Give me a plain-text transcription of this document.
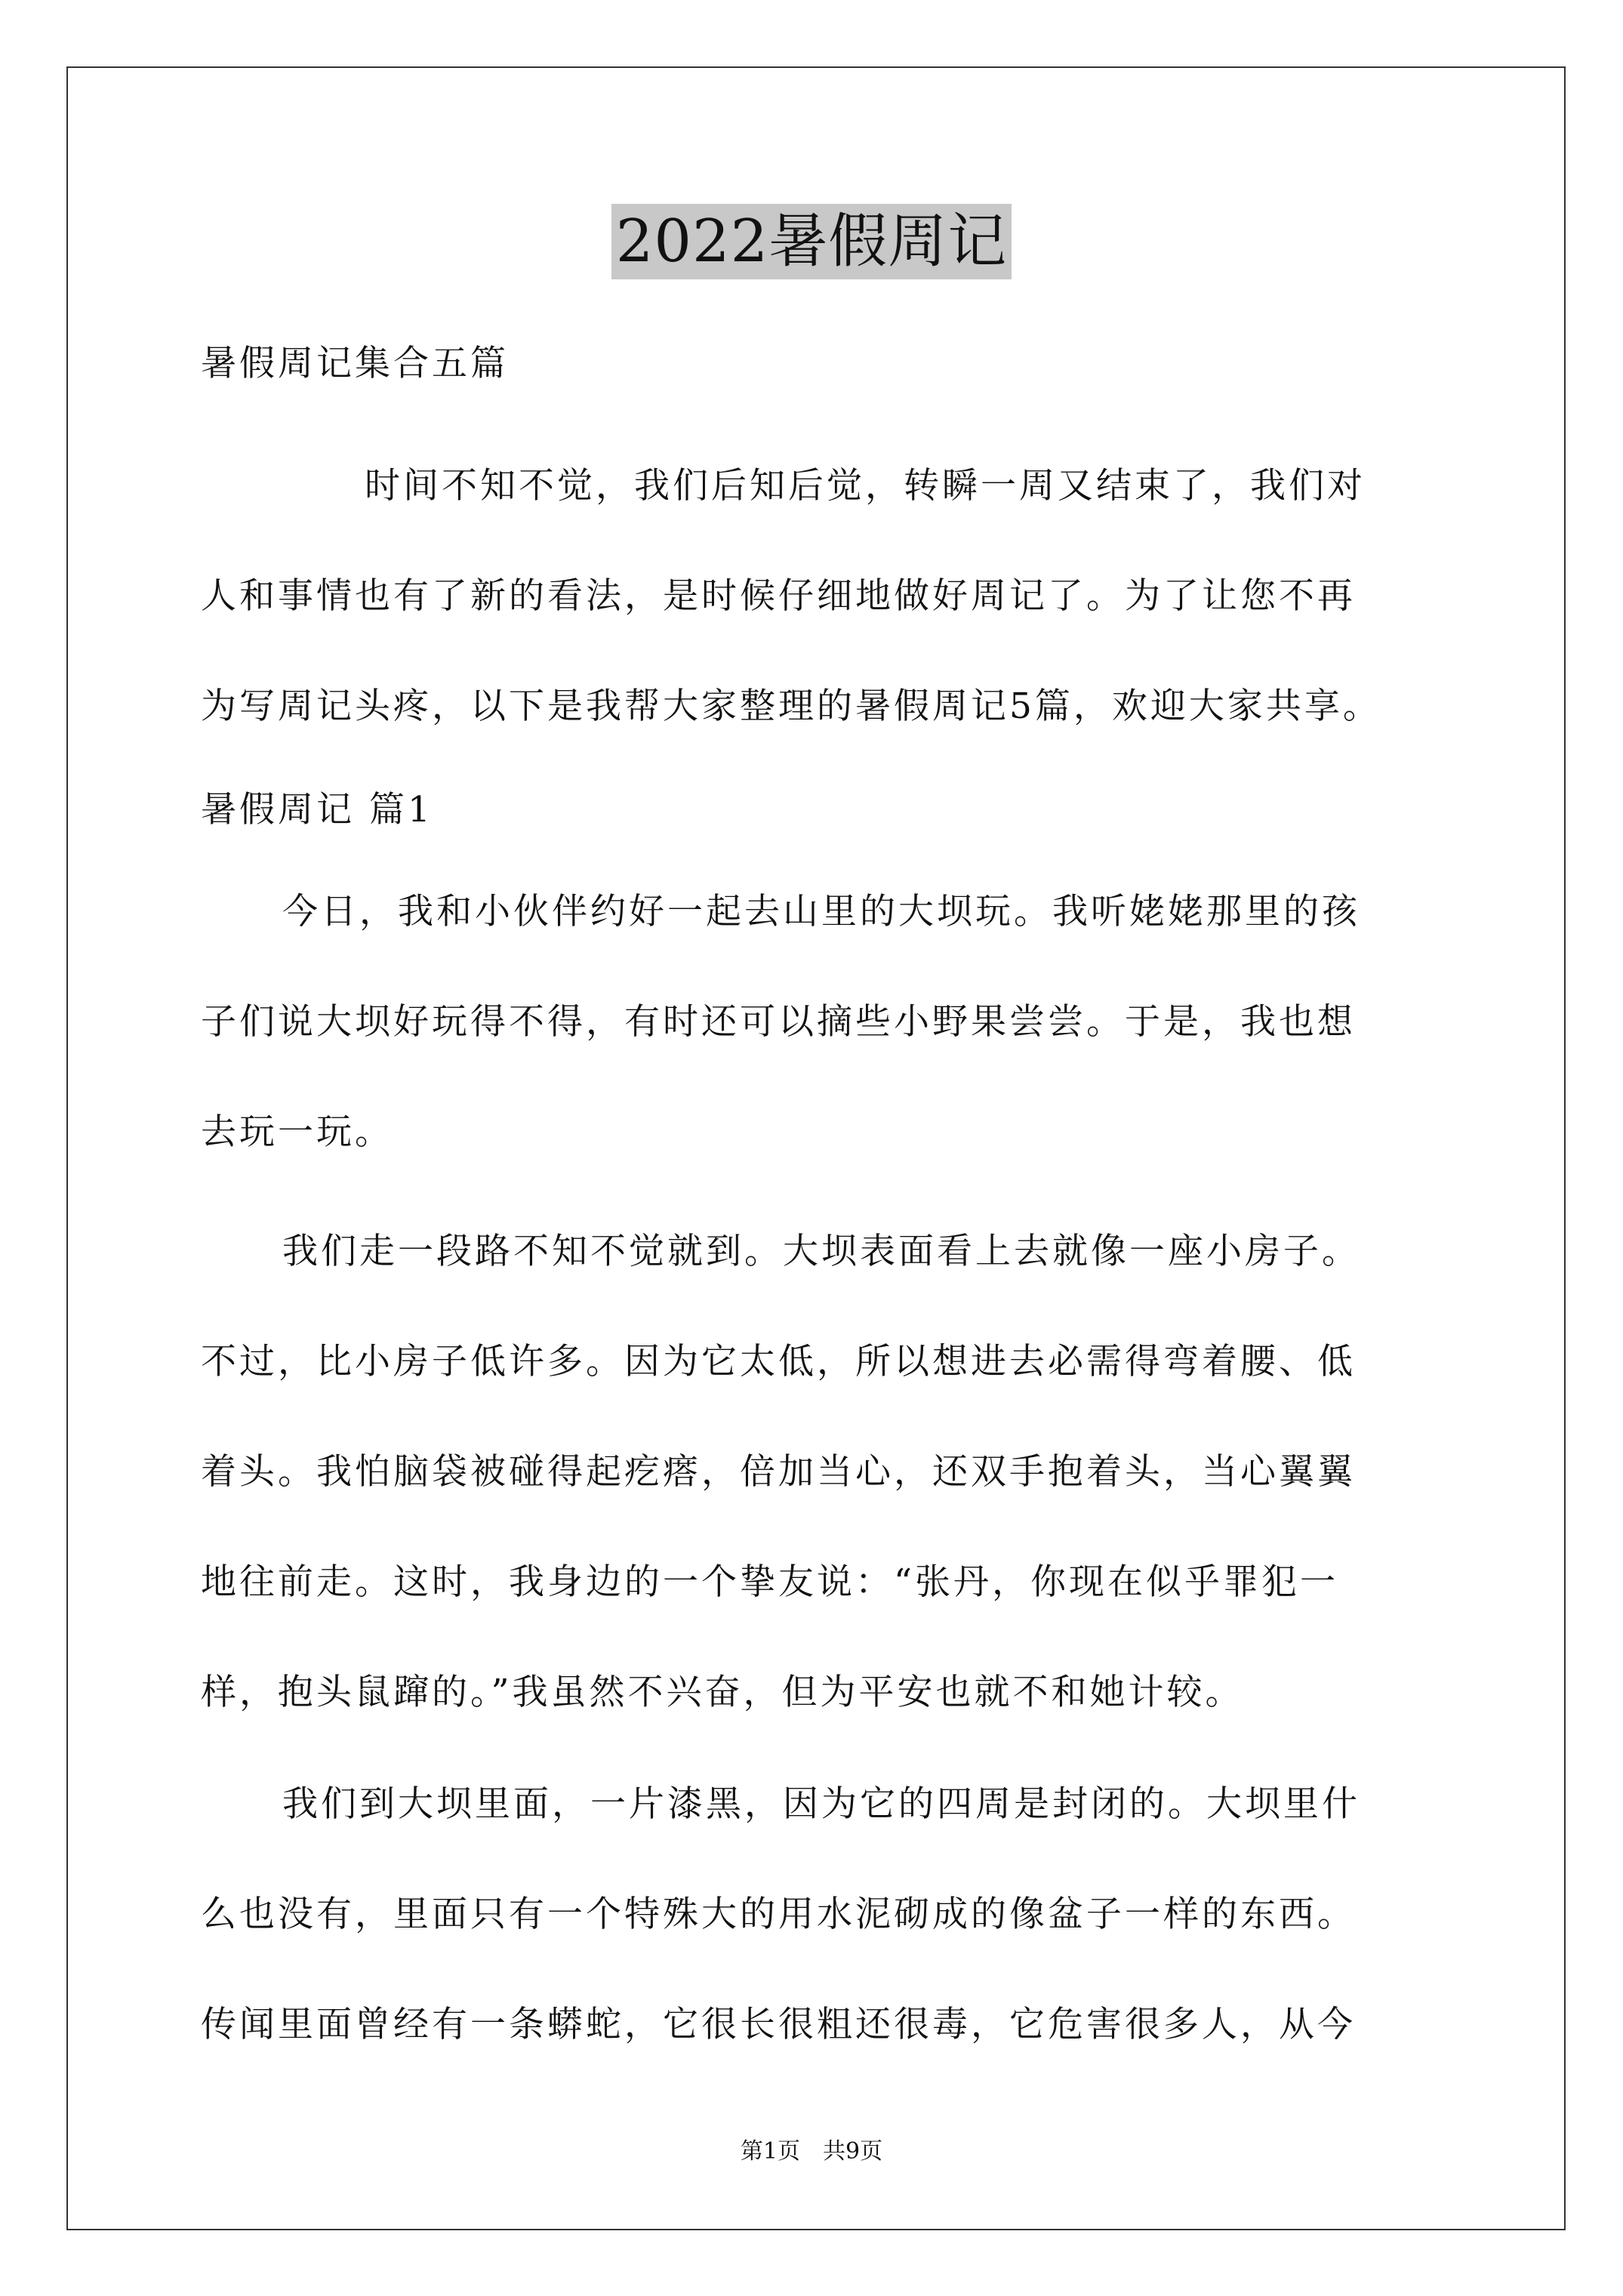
2022暑假周记
暑假周记集合五篇
时间不知不觉，我们后知后觉，转瞬一周又结束了，我们对
人和事情也有了新的看法，是时候仔细地做好周记了。为了让您不再
为写周记头疼，以下是我帮大家整理的暑假周记5篇，欢迎大家共享。
暑假周记 篇1
今日，我和小伙伴约好一起去山里的大坝玩。我听姥姥那里的孩
子们说大坝好玩得不得，有时还可以摘些小野果尝尝。于是，我也想
去玩一玩。
我们走一段路不知不觉就到。大坝表面看上去就像一座小房子。
不过，比小房子低许多。因为它太低，所以想进去必需得弯着腰、低
着头。我怕脑袋被碰得起疙瘩，倍加当心，还双手抱着头，当心翼翼
地往前走。这时，我身边的一个挚友说：“张丹，你现在似乎罪犯一
样，抱头鼠蹿的。”我虽然不兴奋，但为平安也就不和她计较。
我们到大坝里面，一片漆黑，因为它的四周是封闭的。大坝里什
么也没有，里面只有一个特殊大的用水泥砌成的像盆子一样的东西。
传闻里面曾经有一条蟒蛇，它很长很粗还很毒，它危害很多人，从今
第1页 共9页
